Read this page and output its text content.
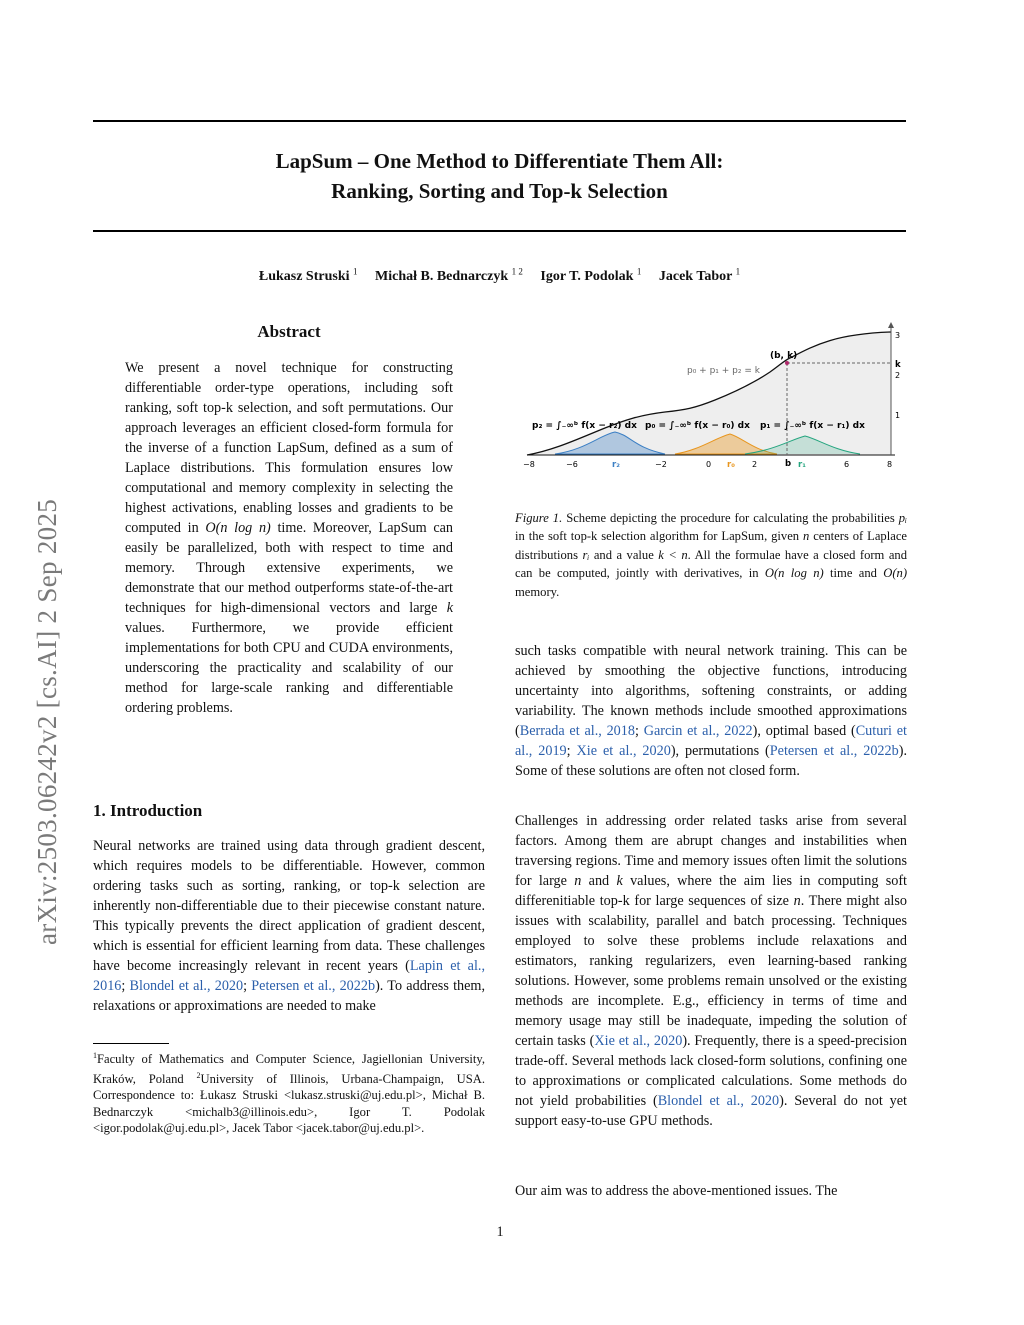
LapSum – One Method to Differentiate Them All:
Ranking, Sorting and Top-k Selection
Łukasz Struski $^1$ Michał B. Bednarczyk $^{1 2}$ Igor T. Podolak $^1$ Jacek Tabor $^1$
arXiv:2503.06242v2 [cs.AI] 2 Sep 2025
Abstract
We present a novel technique for constructing differentiable order-type operations, including soft ranking, soft top-k selection, and soft permutations. Our approach leverages an efficient closed-form formula for the inverse of a function LapSum, defined as a sum of Laplace distributions. This formulation ensures low computational and memory complexity in selecting the highest activations, enabling losses and gradients to be computed in O(n log n) time. Moreover, LapSum can easily be parallelized, both with respect to time and memory. Through extensive experiments, we demonstrate that our method outperforms state-of-the-art techniques for high-dimensional vectors and large k values. Furthermore, we provide efficient implementations for both CPU and CUDA environments, underscoring the practicality and scalability of our method for large-scale ranking and differentiable ordering problems.
1. Introduction
Neural networks are trained using data through gradient descent, which requires models to be differentiable. However, common ordering tasks such as sorting, ranking, or top-k selection are inherently non-differentiable due to their piecewise constant nature. This typically prevents the direct application of gradient descent, which is essential for efficient learning from data. These challenges have become increasingly relevant in recent years (Lapin et al., 2016; Blondel et al., 2020; Petersen et al., 2022b). To address them, relaxations or approximations are needed to make
$^1$Faculty of Mathematics and Computer Science, Jagiellonian University, Kraków, Poland $^2$University of Illinois, Urbana-Champaign, USA. Correspondence to: Łukasz Struski <lukasz.struski@uj.edu.pl>, Michał B. Bednarczyk <michalb3@illinois.edu>, Igor T. Podolak <igor.podolak@uj.edu.pl>, Jacek Tabor <jacek.tabor@uj.edu.pl>.
(b, k)
p₀ + p₁ + p₂ = k
p₂ = ∫₋∞ᵇ f(x − r₂) dx p₀ = ∫₋∞ᵇ f(x − r₀) dx p₁ = ∫₋∞ᵇ f(x − r₁) dx
−8	−6	−2	0	2	6	8
r₂	r₀	r₁
b
1
2
3
k
Figure 1. Scheme depicting the procedure for calculating the probabilities pᵢ in the soft top-k selection algorithm for LapSum, given n centers of Laplace distributions rᵢ and a value k < n. All the formulae have a closed form and can be computed, jointly with derivatives, in O(n log n) time and O(n) memory.
such tasks compatible with neural network training. This can be achieved by smoothing the objective functions, introducing uncertainty into algorithms, softening constraints, or adding variability. The known methods include smoothed approximations (Berrada et al., 2018; Garcin et al., 2022), optimal based (Cuturi et al., 2019; Xie et al., 2020), permutations (Petersen et al., 2022b). Some of these solutions are often not closed form.
Challenges in addressing order related tasks arise from several factors. Among them are abrupt changes and instabilities when traversing regions. Time and memory issues often limit the solutions for large n and k values, where the aim lies in computing soft differenitiable top-k for large sequences of size n. There might also issues with scalability, parallel and batch processing. Techniques employed to solve these problems include relaxations and estimators, ranking regularizers, even learning-based ranking solutions. However, some problems remain unsolved or the existing methods are incomplete. E.g., efficiency in terms of time and memory usage may still be inadequate, impeding the solution of certain tasks (Xie et al., 2020). Frequently, there is a speed-precision trade-off. Several methods lack closed-form solutions, confining one to approximations or complicated calculations. Some methods do not yield probabilities (Blondel et al., 2020). Several do not yet support easy-to-use GPU methods.
Our aim was to address the above-mentioned issues. The
1
